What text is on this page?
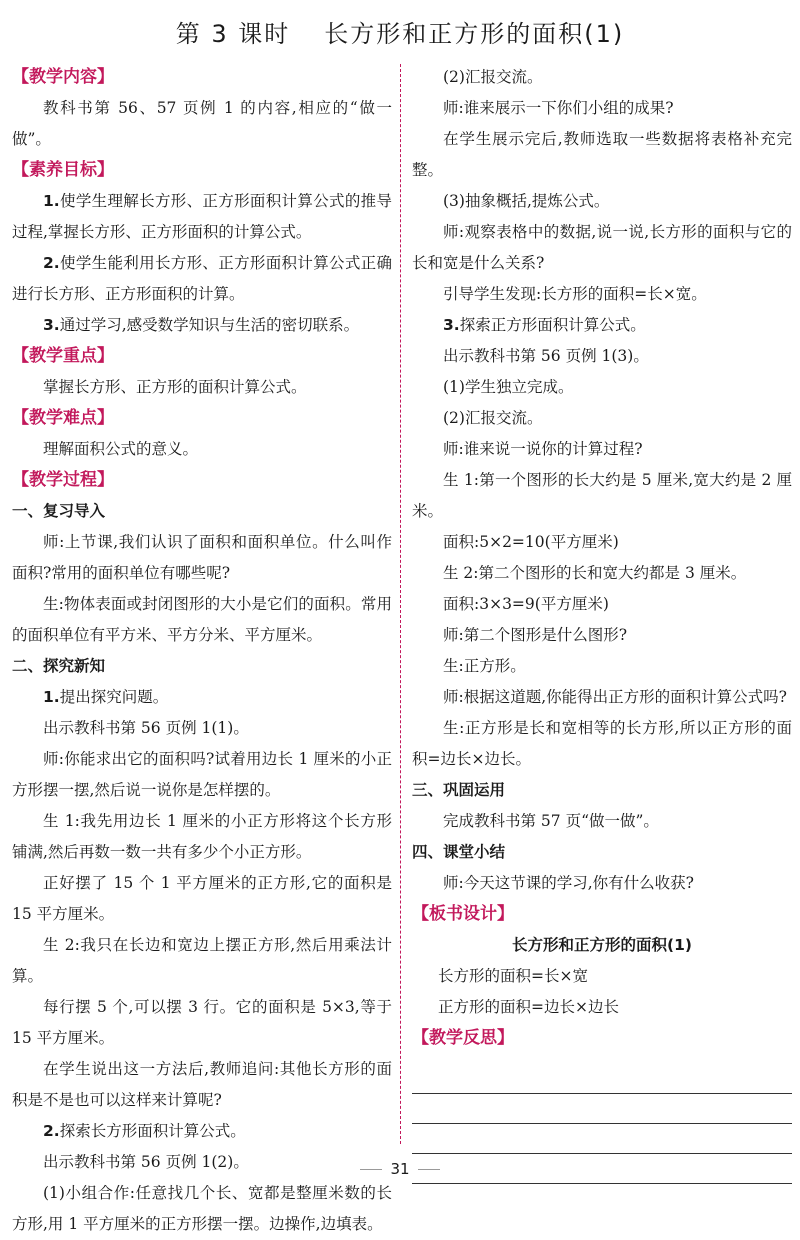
第 3 课时 长方形和正方形的面积(1)
【教学内容】
教科书第 56、57 页例 1 的内容,相应的“做一做”。
【素养目标】
1.使学生理解长方形、正方形面积计算公式的推导过程,掌握长方形、正方形面积的计算公式。
2.使学生能利用长方形、正方形面积计算公式正确进行长方形、正方形面积的计算。
3.通过学习,感受数学知识与生活的密切联系。
【教学重点】
掌握长方形、正方形的面积计算公式。
【教学难点】
理解面积公式的意义。
【教学过程】
一、复习导入
师:上节课,我们认识了面积和面积单位。什么叫作面积?常用的面积单位有哪些呢?
生:物体表面或封闭图形的大小是它们的面积。常用的面积单位有平方米、平方分米、平方厘米。
二、探究新知
1.提出探究问题。
出示教科书第 56 页例 1(1)。
师:你能求出它的面积吗?试着用边长 1 厘米的小正方形摆一摆,然后说一说你是怎样摆的。
生 1:我先用边长 1 厘米的小正方形将这个长方形铺满,然后再数一数一共有多少个小正方形。
正好摆了 15 个 1 平方厘米的正方形,它的面积是 15 平方厘米。
生 2:我只在长边和宽边上摆正方形,然后用乘法计算。
每行摆 5 个,可以摆 3 行。它的面积是 5×3,等于 15 平方厘米。
在学生说出这一方法后,教师追问:其他长方形的面积是不是也可以这样来计算呢?
2.探索长方形面积计算公式。
出示教科书第 56 页例 1(2)。
(1)小组合作:任意找几个长、宽都是整厘米数的长方形,用 1 平方厘米的正方形摆一摆。边操作,边填表。
(2)汇报交流。
师:谁来展示一下你们小组的成果?
在学生展示完后,教师选取一些数据将表格补充完整。
(3)抽象概括,提炼公式。
师:观察表格中的数据,说一说,长方形的面积与它的长和宽是什么关系?
引导学生发现:长方形的面积=长×宽。
3.探索正方形面积计算公式。
出示教科书第 56 页例 1(3)。
(1)学生独立完成。
(2)汇报交流。
师:谁来说一说你的计算过程?
生 1:第一个图形的长大约是 5 厘米,宽大约是 2 厘米。
面积:5×2=10(平方厘米)
生 2:第二个图形的长和宽大约都是 3 厘米。
面积:3×3=9(平方厘米)
师:第二个图形是什么图形?
生:正方形。
师:根据这道题,你能得出正方形的面积计算公式吗?
生:正方形是长和宽相等的长方形,所以正方形的面积=边长×边长。
三、巩固运用
完成教科书第 57 页“做一做”。
四、课堂小结
师:今天这节课的学习,你有什么收获?
【板书设计】
长方形和正方形的面积(1)
长方形的面积=长×宽
正方形的面积=边长×边长
【教学反思】
31
